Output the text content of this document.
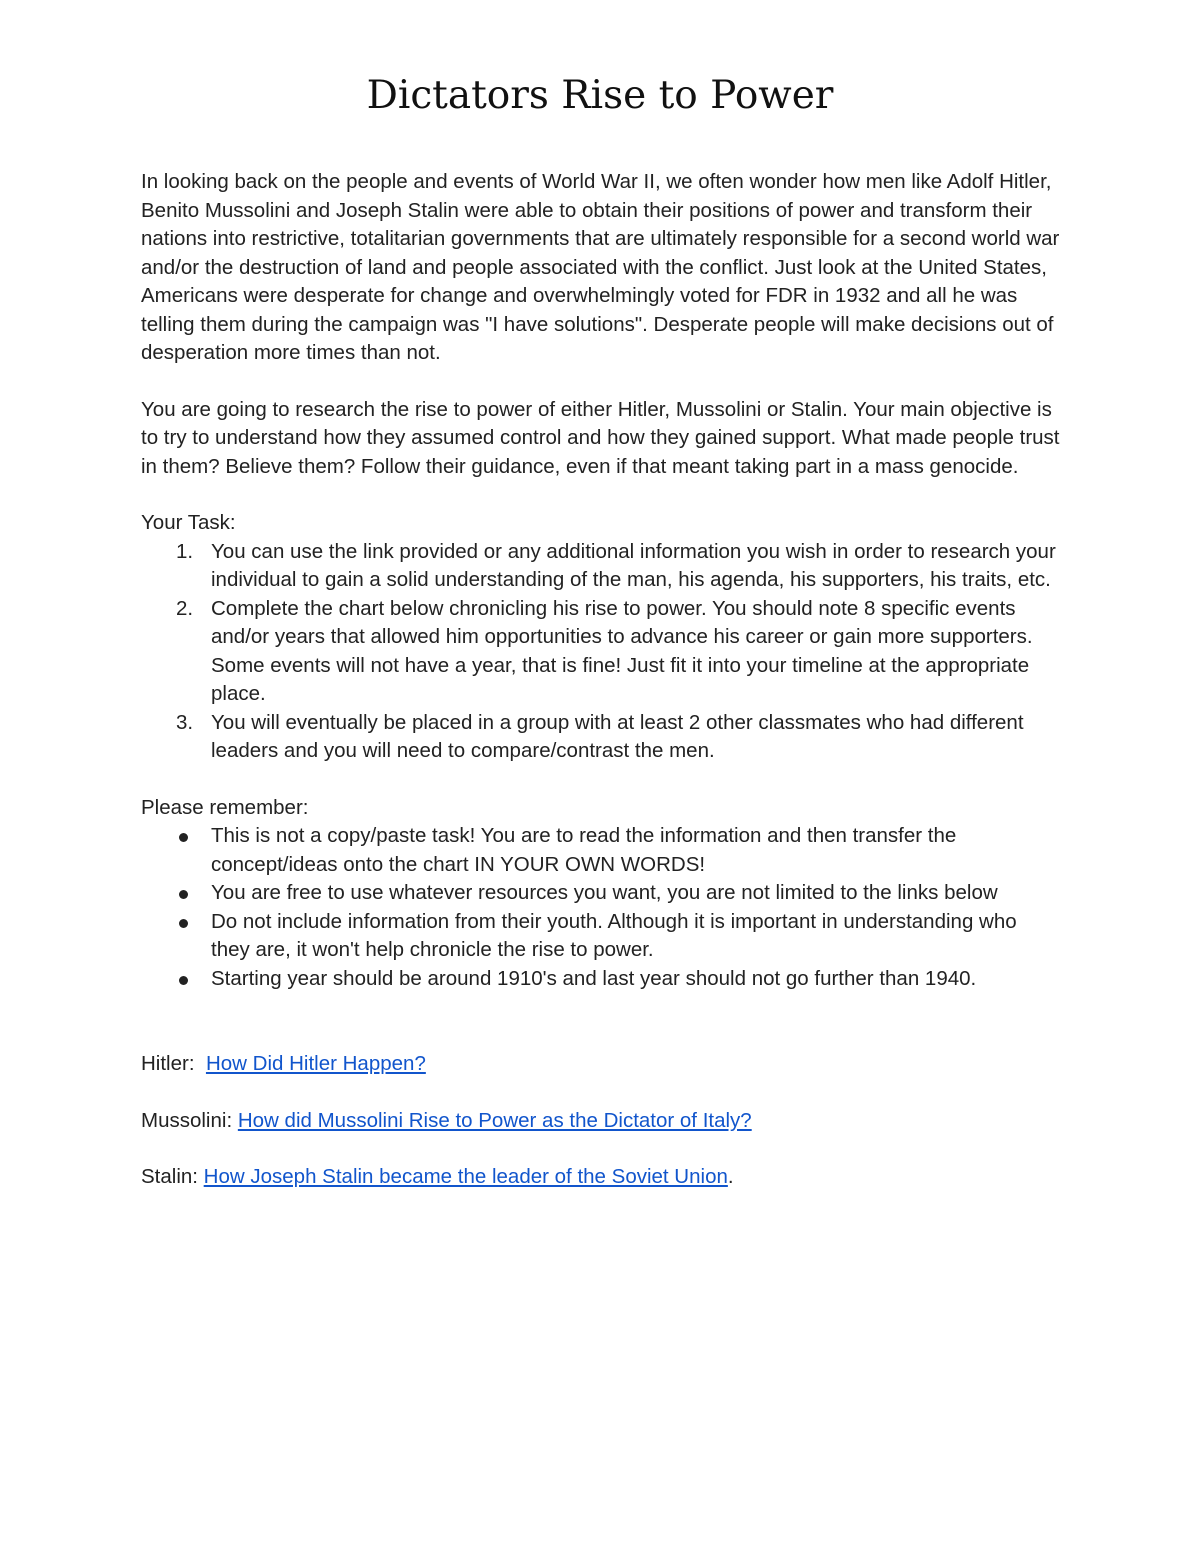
Dictators Rise to Power

In looking back on the people and events of World War II, we often wonder how men like Adolf Hitler, Benito Mussolini and Joseph Stalin were able to obtain their positions of power and transform their nations into restrictive, totalitarian governments that are ultimately responsible for a second world war and/or the destruction of land and people associated with the conflict. Just look at the United States, Americans were desperate for change and overwhelmingly voted for FDR in 1932 and all he was telling them during the campaign was "I have solutions". Desperate people will make decisions out of desperation more times than not.

You are going to research the rise to power of either Hitler, Mussolini or Stalin. Your main objective is to try to understand how they assumed control and how they gained support. What made people trust in them? Believe them? Follow their guidance, even if that meant taking part in a mass genocide.

Your Task:

1. You can use the link provided or any additional information you wish in order to research your individual to gain a solid understanding of the man, his agenda, his supporters, his traits, etc.
2. Complete the chart below chronicling his rise to power. You should note 8 specific events and/or years that allowed him opportunities to advance his career or gain more supporters. Some events will not have a year, that is fine! Just fit it into your timeline at the appropriate place.
3. You will eventually be placed in a group with at least 2 other classmates who had different leaders and you will need to compare/contrast the men.

Please remember:

This is not a copy/paste task! You are to read the information and then transfer the concept/ideas onto the chart IN YOUR OWN WORDS!
You are free to use whatever resources you want, you are not limited to the links below
Do not include information from their youth. Although it is important in understanding who they are, it won't help chronicle the rise to power.
Starting year should be around 1910's and last year should not go further than 1940.

Hitler:  How Did Hitler Happen?

Mussolini: How did Mussolini Rise to Power as the Dictator of Italy?

Stalin: How Joseph Stalin became the leader of the Soviet Union.
